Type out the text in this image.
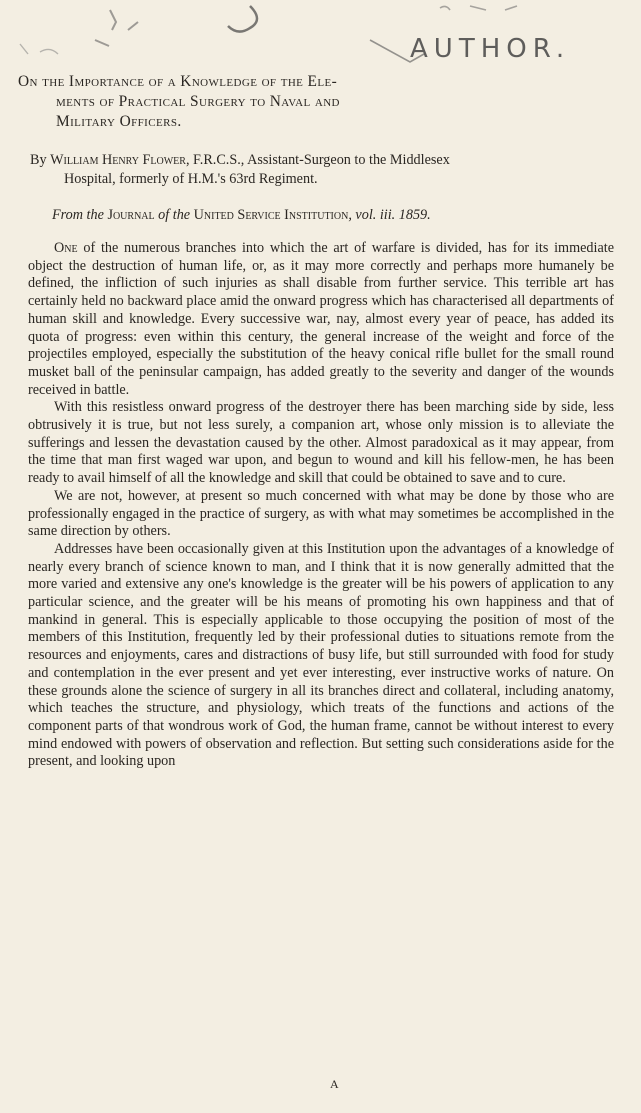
AUTHOR.
On the Importance of a Knowledge of the Ele-
ments of Practical Surgery to Naval and
Military Officers.
By William Henry Flower, F.R.C.S., Assistant-Surgeon to the Middlesex
Hospital, formerly of H.M.'s 63rd Regiment.
From the Journal of the United Service Institution, vol. iii. 1859.

One of the numerous branches into which the art of warfare is divided, has for its immediate object the destruction of human life, or, as it may more correctly and perhaps more humanely be defined, the infliction of such injuries as shall disable from further service. This terrible art has certainly held no backward place amid the onward progress which has characterised all departments of human skill and knowledge. Every successive war, nay, almost every year of peace, has added its quota of progress: even within this century, the general increase of the weight and force of the projectiles employed, especially the substitution of the heavy conical rifle bullet for the small round musket ball of the peninsular campaign, has added greatly to the severity and danger of the wounds received in battle.

With this resistless onward progress of the destroyer there has been marching side by side, less obtrusively it is true, but not less surely, a companion art, whose only mission is to alleviate the sufferings and lessen the devastation caused by the other. Almost paradoxical as it may appear, from the time that man first waged war upon, and begun to wound and kill his fellow-men, he has been ready to avail himself of all the knowledge and skill that could be obtained to save and to cure.

We are not, however, at present so much concerned with what may be done by those who are professionally engaged in the practice of surgery, as with what may sometimes be accomplished in the same direction by others.

Addresses have been occasionally given at this Institution upon the advantages of a knowledge of nearly every branch of science known to man, and I think that it is now generally admitted that the more varied and extensive any one's knowledge is the greater will be his powers of application to any particular science, and the greater will be his means of promoting his own happiness and that of mankind in general. This is especially applicable to those occupying the position of most of the members of this Institution, frequently led by their professional duties to situations remote from the resources and enjoyments, cares and distractions of busy life, but still surrounded with food for study and contemplation in the ever present and yet ever interesting, ever instructive works of nature. On these grounds alone the science of surgery in all its branches direct and collateral, including anatomy, which teaches the structure, and physiology, which treats of the functions and actions of the component parts of that wondrous work of God, the human frame, cannot be without interest to every mind endowed with powers of observation and reflection. But setting such considerations aside for the present, and looking upon

A
